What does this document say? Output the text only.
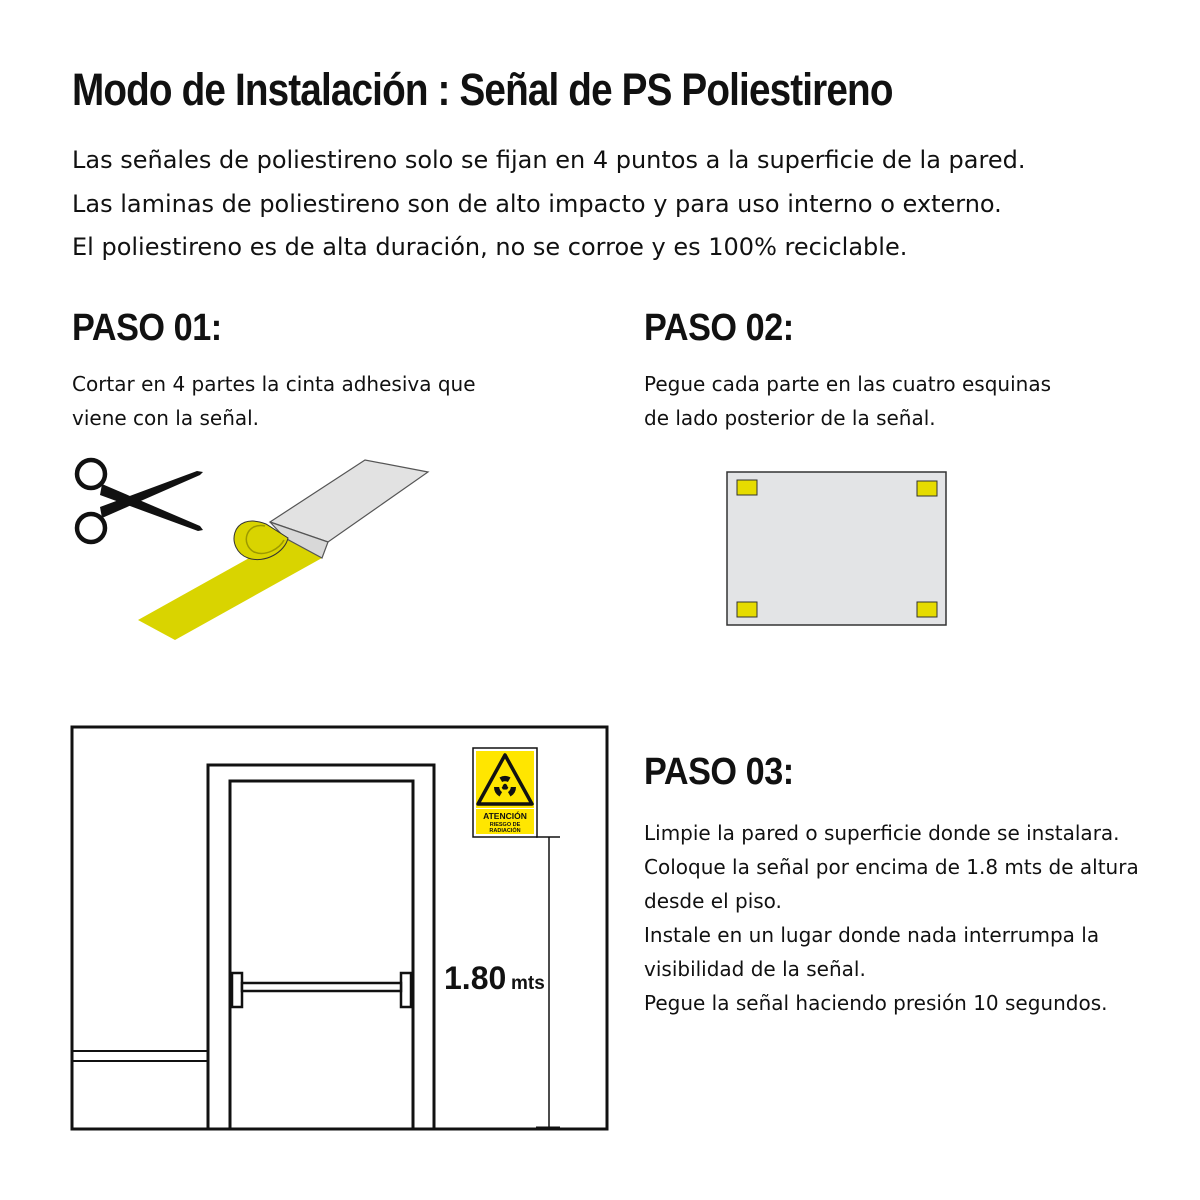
Modo de Instalación : Señal de PS Poliestireno
Las señales de poliestireno solo se fijan en 4 puntos a la superficie de la pared.
Las laminas de poliestireno son de alto impacto y para uso interno o externo.
El poliestireno es de alta duración, no se corroe y es 100% reciclable.
PASO 01:
Cortar en 4 partes la cinta adhesiva que
viene con la señal.
PASO 02:
Pegue cada parte en las cuatro esquinas
de lado posterior de la señal.
ATENCIÓN
RIESGO DE
RADIACIÓN
1.80 mts
PASO 03:
Limpie la pared o superficie donde se instalara.
Coloque la señal por encima de 1.8 mts de altura
desde el piso.
Instale en un lugar donde nada interrumpa la
visibilidad de la señal.
Pegue la señal haciendo presión 10 segundos.
